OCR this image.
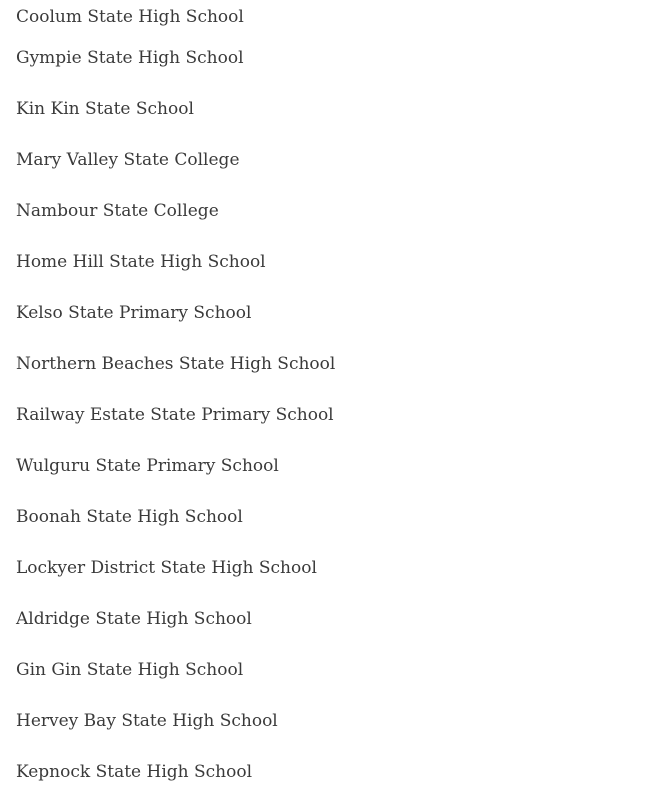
Coolum State High School
Gympie State High School
Kin Kin State School
Mary Valley State College
Nambour State College
Home Hill State High School
Kelso State Primary School
Northern Beaches State High School
Railway Estate State Primary School
Wulguru State Primary School
Boonah State High School
Lockyer District State High School
Aldridge State High School
Gin Gin State High School
Hervey Bay State High School
Kepnock State High School
